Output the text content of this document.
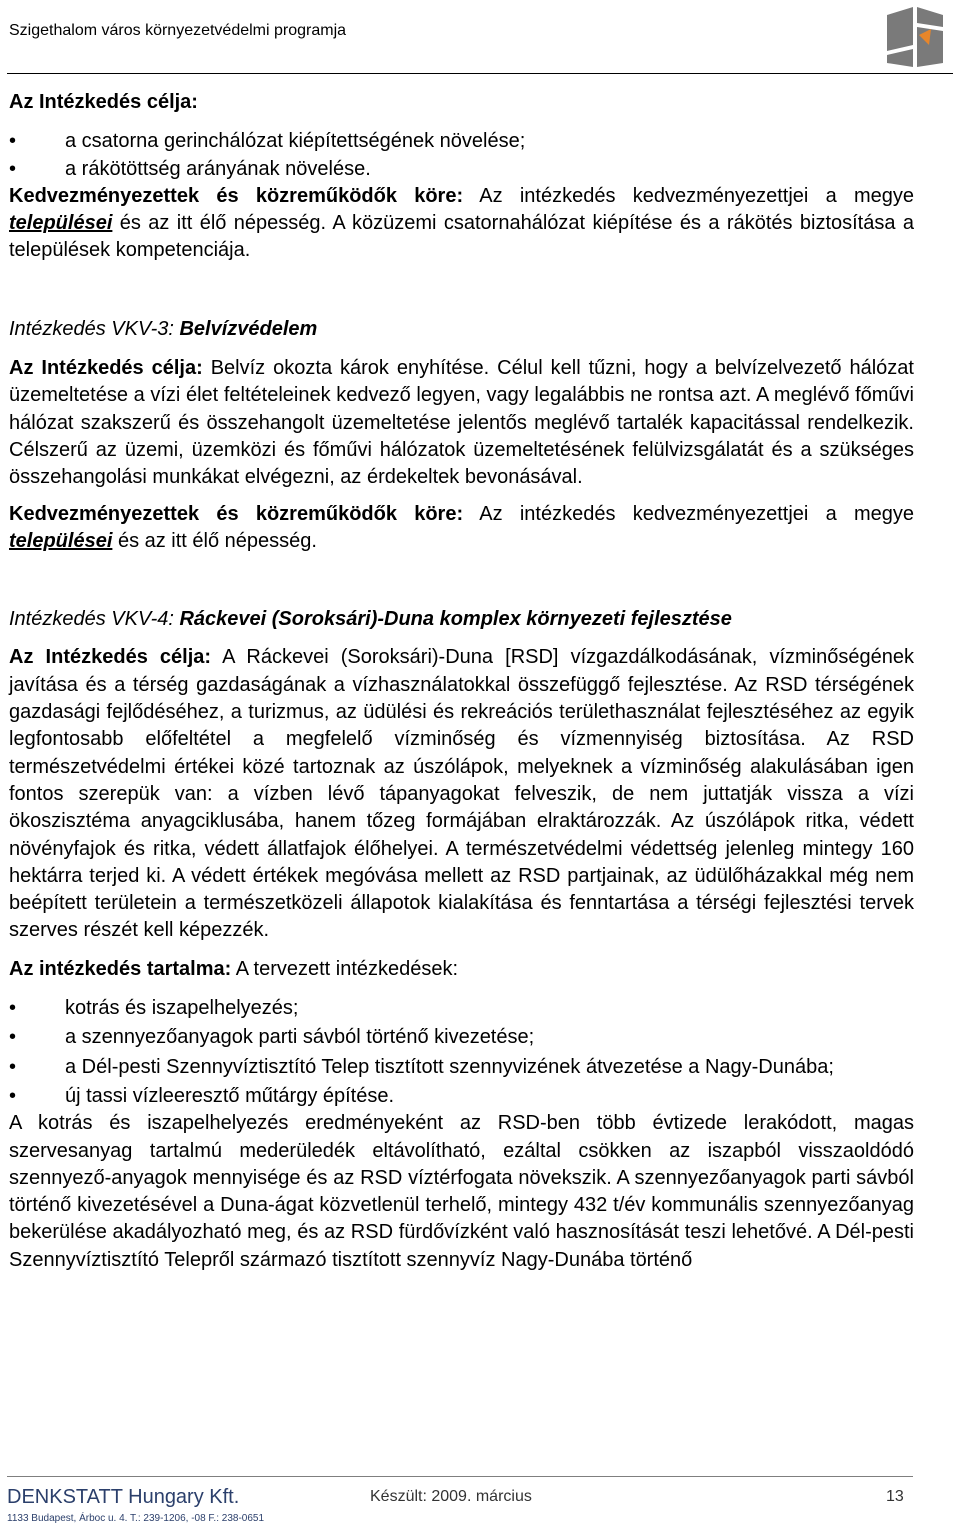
Szigethalom város környezetvédelmi programja

Az Intézkedés célja:

• a csatorna gerinchálózat kiépítettségének növelése;
• a rákötöttség arányának növelése.

Kedvezményezettek és közreműködők köre: Az intézkedés kedvezményezettjei a megye települései és az itt élő népesség. A közüzemi csatornahálózat kiépítése és a rákötés biztosítása a települések kompetenciája.

Intézkedés VKV-3: Belvízvédelem

Az Intézkedés célja: Belvíz okozta károk enyhítése. Célul kell tűzni, hogy a belvízelvezető hálózat üzemeltetése a vízi élet feltételeinek kedvező legyen, vagy legalábbis ne rontsa azt. A meglévő főművi hálózat szakszerű és összehangolt üzemeltetése jelentős meglévő tartalék kapacitással rendelkezik. Célszerű az üzemi, üzemközi és főművi hálózatok üzemeltetésének felülvizsgálatát és a szükséges összehangolási munkákat elvégezni, az érdekeltek bevonásával.

Kedvezményezettek és közreműködők köre: Az intézkedés kedvezményezettjei a megye települései és az itt élő népesség.

Intézkedés VKV-4: Ráckevei (Soroksári)-Duna komplex környezeti fejlesztése

Az Intézkedés célja: A Ráckevei (Soroksári)-Duna [RSD] vízgazdálkodásának, vízminőségének javítása és a térség gazdaságának a vízhasználatokkal összefüggő fejlesztése. Az RSD térségének gazdasági fejlődéséhez, a turizmus, az üdülési és rekreációs területhasználat fejlesztéséhez az egyik legfontosabb előfeltétel a megfelelő vízminőség és vízmennyiség biztosítása. Az RSD természetvédelmi értékei közé tartoznak az úszólápok, melyeknek a vízminőség alakulásában igen fontos szerepük van: a vízben lévő tápanyagokat felveszik, de nem juttatják vissza a vízi ökoszisztéma anyagciklusába, hanem tőzeg formájában elraktározzák. Az úszólápok ritka, védett növényfajok és ritka, védett állatfajok élőhelyei. A természetvédelmi védettség jelenleg mintegy 160 hektárra terjed ki. A védett értékek megóvása mellett az RSD partjainak, az üdülőházakkal még nem beépített területein a természetközeli állapotok kialakítása és fenntartása a térségi fejlesztési tervek szerves részét kell képezzék.

Az intézkedés tartalma: A tervezett intézkedések:

• kotrás és iszapelhelyezés;
• a szennyezőanyagok parti sávból történő kivezetése;
• a Dél-pesti Szennyvíztisztító Telep tisztított szennyvizének átvezetése a Nagy-Dunába;
• új tassi vízleeresztő műtárgy építése.

A kotrás és iszapelhelyezés eredményeként az RSD-ben több évtizede lerakódott, magas szervesanyag tartalmú mederüledék eltávolítható, ezáltal csökken az iszapból visszaoldódó szennyező-anyagok mennyisége és az RSD víztérfogata növekszik. A szennyezőanyagok parti sávból történő kivezetésével a Duna-ágat közvetlenül terhelő, mintegy 432 t/év kommunális szennyezőanyag bekerülése akadályozható meg, és az RSD fürdővízként való hasznosítását teszi lehetővé. A Dél-pesti Szennyvíztisztító Telepről származó tisztított szennyvíz Nagy-Dunába történő

DENKSTATT Hungary Kft.	Készült: 2009. március	13
1133 Budapest, Árboc u. 4. T.: 239-1206, -08 F.: 238-0651
